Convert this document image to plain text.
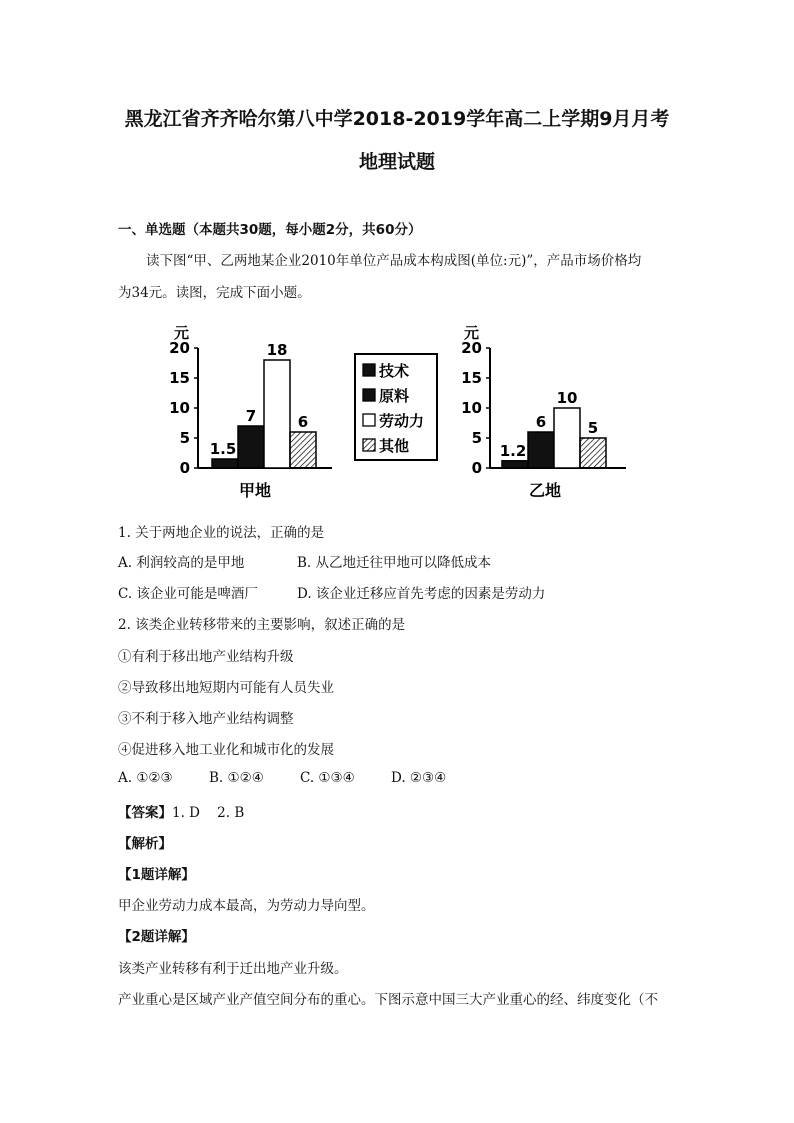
黑龙江省齐齐哈尔第八中学2018-2019学年高二上学期9月月考
地理试题
一、单选题（本题共30题，每小题2分，共60分）
读下图“甲、乙两地某企业2010年单位产品成本构成图(单位:元)”，产品市场价格均
为34元。读图，完成下面小题。
元
0
5
10
15
20
1.5
7
18
6
甲地
技术
原料
劳动力
其他
元
0
5
10
15
20
1.2
6
10
5
乙地
1. 关于两地企业的说法，正确的是
A. 利润较高的是甲地	B. 从乙地迁往甲地可以降低成本
C. 该企业可能是啤酒厂	D. 该企业迁移应首先考虑的因素是劳动力
2. 该类企业转移带来的主要影响，叙述正确的是
①有利于移出地产业结构升级
②导致移出地短期内可能有人员失业
③不利于移入地产业结构调整
④促进移入地工业化和城市化的发展
A. ①②③	B. ①②④	C. ①③④	D. ②③④
【答案】1. D    2. B
【解析】
【1题详解】
甲企业劳动力成本最高，为劳动力导向型。
【2题详解】
该类产业转移有利于迁出地产业升级。
产业重心是区域产业产值空间分布的重心。下图示意中国三大产业重心的经、纬度变化（不
